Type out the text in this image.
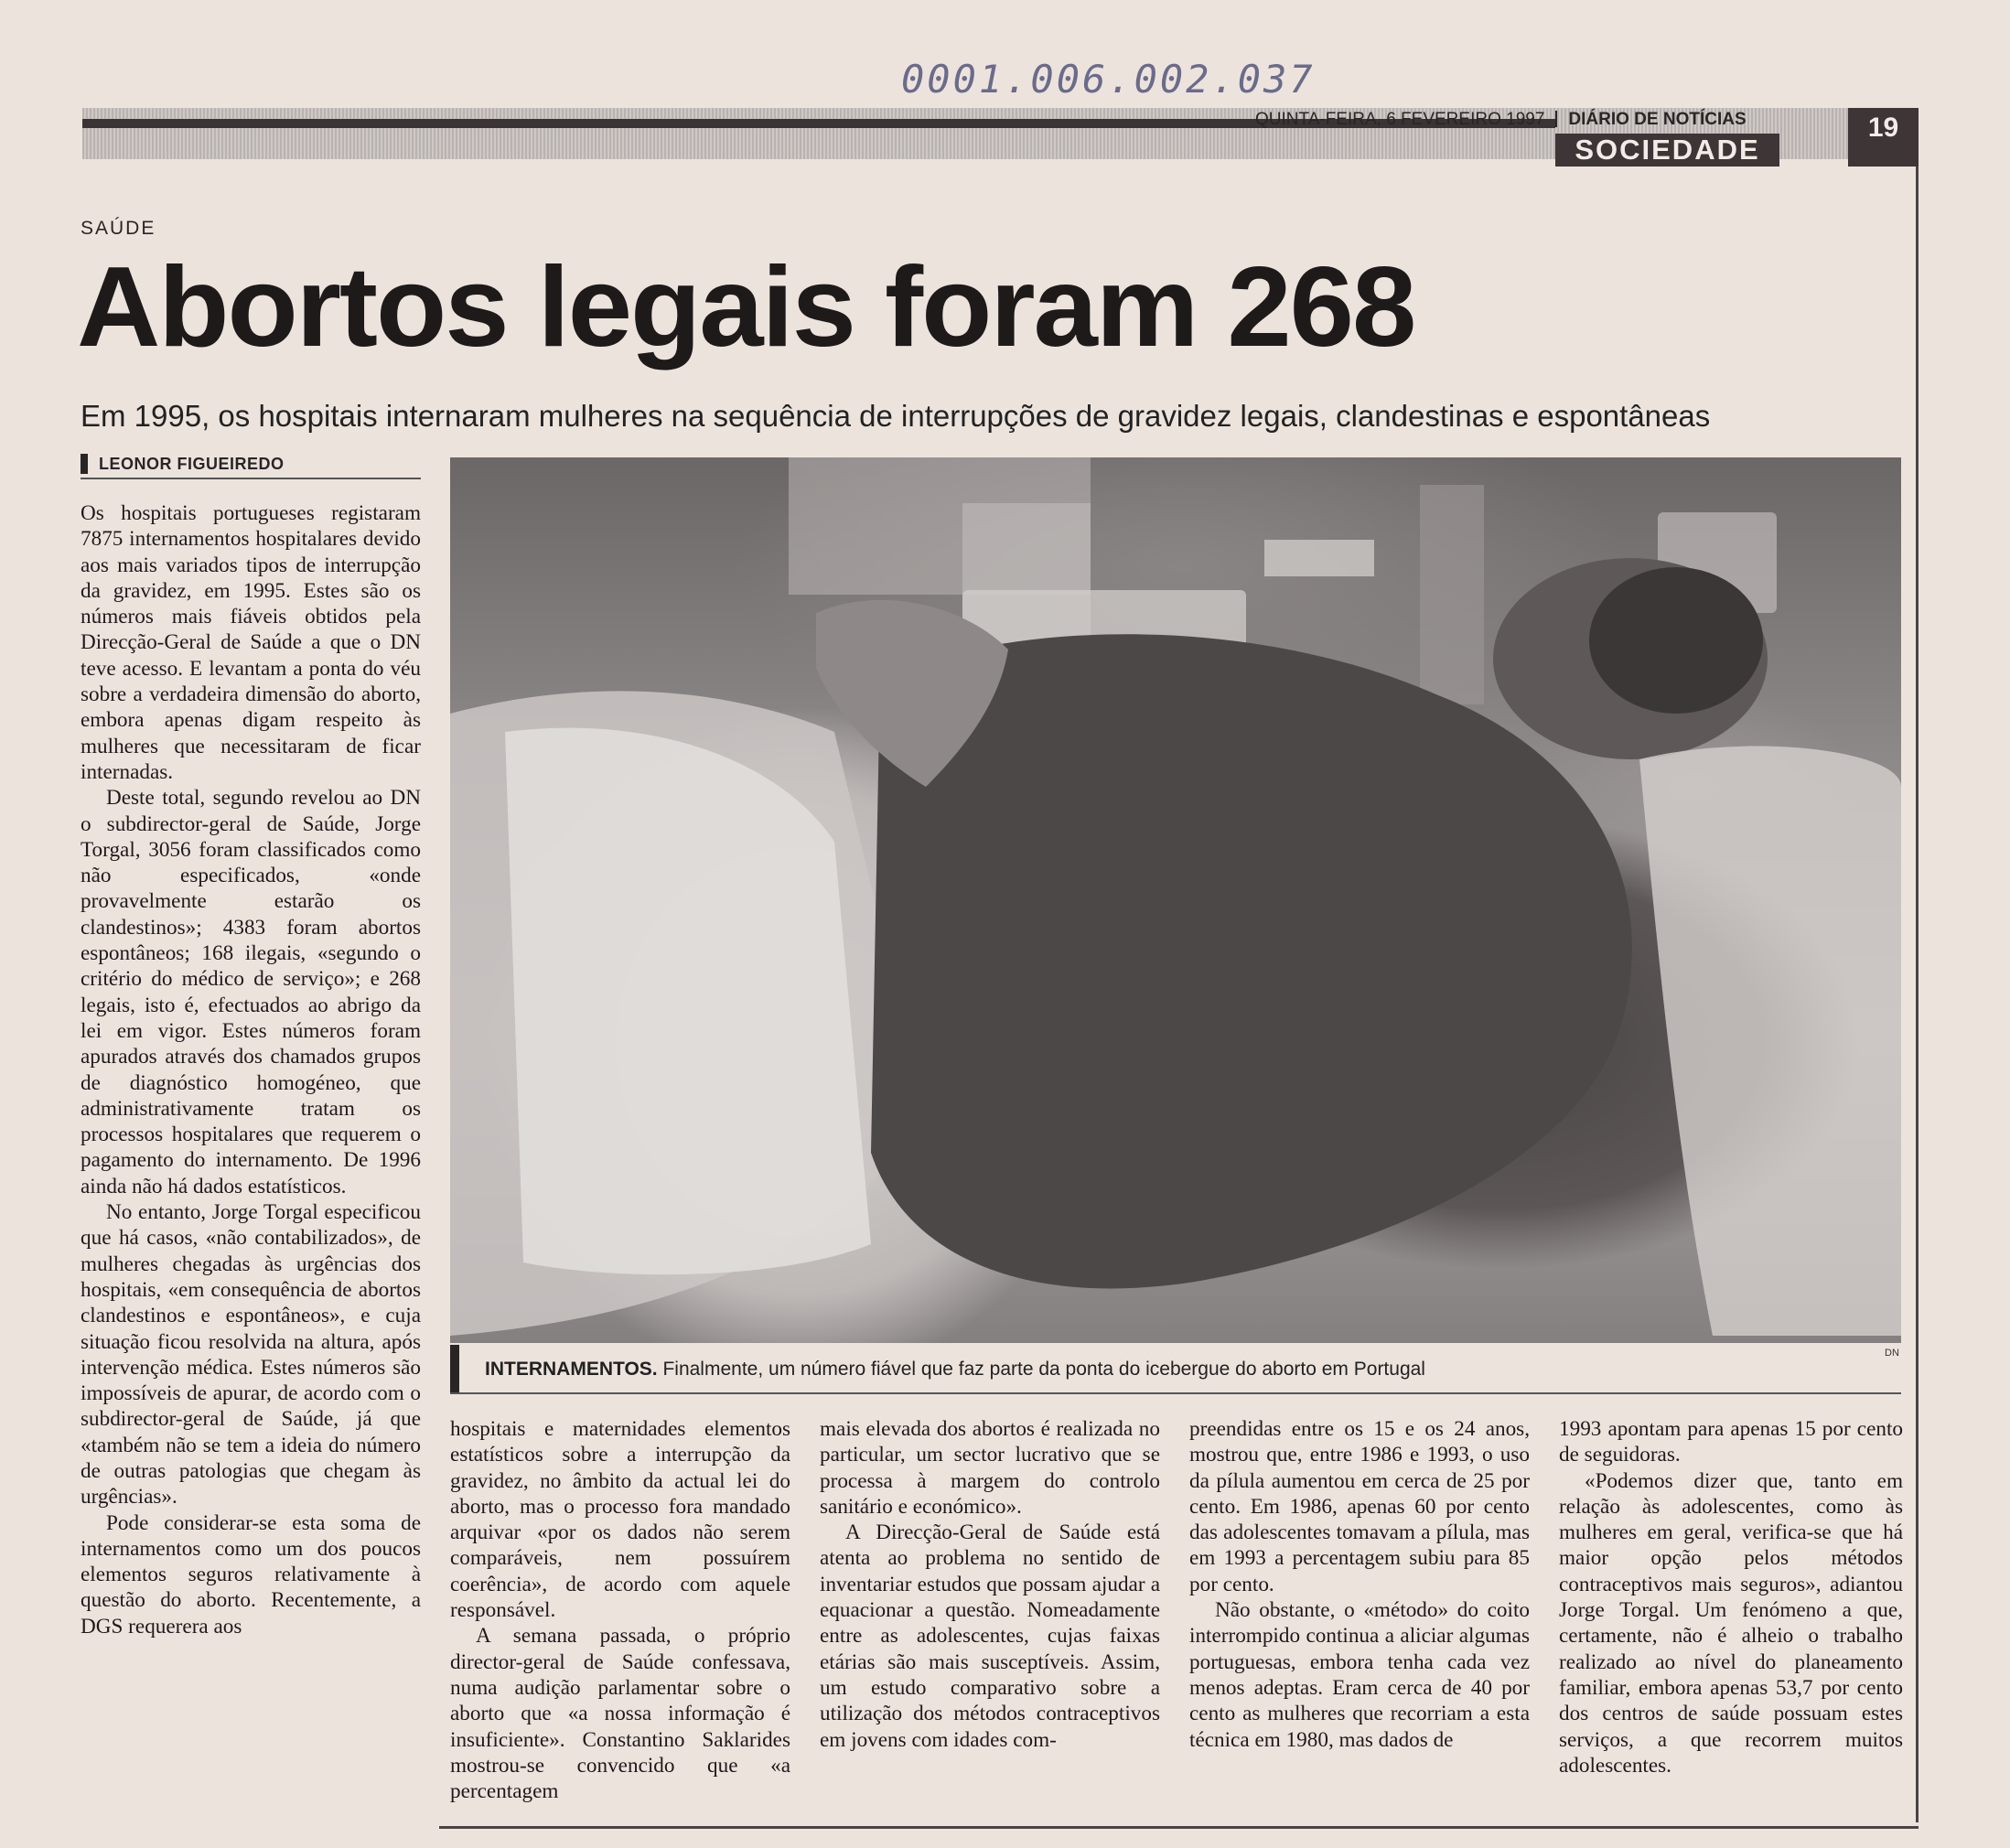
0001.006.002.037
QUINTA-FEIRA, 6 FEVEREIRO 1997 DIÁRIO DE NOTÍCIAS
SOCIEDADE
19
SAÚDE
Abortos legais foram 268
Em 1995, os hospitais internaram mulheres na sequência de interrupções de gravidez legais, clandestinas e espontâneas
LEONOR FIGUEIREDO
INTERNAMENTOS. Finalmente, um número fiável que faz parte da ponta do icebergue do aborto em Portugal
DN

Os hospitais portugueses registaram 7875 internamentos hospitalares devido aos mais variados tipos de interrupção da gravidez, em 1995. Estes são os números mais fiáveis obtidos pela Direcção-Geral de Saúde a que o DN teve acesso. E levantam a ponta do véu sobre a verdadeira dimensão do aborto, embora apenas digam respeito às mulheres que necessitaram de ficar internadas.

Deste total, segundo revelou ao DN o subdirector-geral de Saúde, Jorge Torgal, 3056 foram classificados como não especificados, «onde provavelmente estarão os clandestinos»; 4383 foram abortos espontâneos; 168 ilegais, «segundo o critério do médico de serviço»; e 268 legais, isto é, efectuados ao abrigo da lei em vigor. Estes números foram apurados através dos chamados grupos de diagnóstico homogéneo, que administrativamente tratam os processos hospitalares que requerem o pagamento do internamento. De 1996 ainda não há dados estatísticos.

No entanto, Jorge Torgal especificou que há casos, «não contabilizados», de mulheres chegadas às urgências dos hospitais, «em consequência de abortos clandestinos e espontâneos», e cuja situação ficou resolvida na altura, após intervenção médica. Estes números são impossíveis de apurar, de acordo com o subdirector-geral de Saúde, já que «também não se tem a ideia do número de outras patologias que chegam às urgências».

Pode considerar-se esta soma de internamentos como um dos poucos elementos seguros relativamente à questão do aborto. Recentemente, a DGS requerera aos

hospitais e maternidades elementos estatísticos sobre a interrupção da gravidez, no âmbito da actual lei do aborto, mas o processo fora mandado arquivar «por os dados não serem comparáveis, nem possuírem coerência», de acordo com aquele responsável.

A semana passada, o próprio director-geral de Saúde confessava, numa audição parlamentar sobre o aborto que «a nossa informação é insuficiente». Constantino Saklarides mostrou-se convencido que «a percentagem

mais elevada dos abortos é realizada no particular, um sector lucrativo que se processa à margem do controlo sanitário e económico».

A Direcção-Geral de Saúde está atenta ao problema no sentido de inventariar estudos que possam ajudar a equacionar a questão. Nomeadamente entre as adolescentes, cujas faixas etárias são mais susceptíveis. Assim, um estudo comparativo sobre a utilização dos métodos contraceptivos em jovens com idades com-

preendidas entre os 15 e os 24 anos, mostrou que, entre 1986 e 1993, o uso da pílula aumentou em cerca de 25 por cento. Em 1986, apenas 60 por cento das adolescentes tomavam a pílula, mas em 1993 a percentagem subiu para 85 por cento.

Não obstante, o «método» do coito interrompido continua a aliciar algumas portuguesas, embora tenha cada vez menos adeptas. Eram cerca de 40 por cento as mulheres que recorriam a esta técnica em 1980, mas dados de

1993 apontam para apenas 15 por cento de seguidoras.

«Podemos dizer que, tanto em relação às adolescentes, como às mulheres em geral, verifica-se que há maior opção pelos métodos contraceptivos mais seguros», adiantou Jorge Torgal. Um fenómeno a que, certamente, não é alheio o trabalho realizado ao nível do planeamento familiar, embora apenas 53,7 por cento dos centros de saúde possuam estes serviços, a que recorrem muitos adolescentes.
